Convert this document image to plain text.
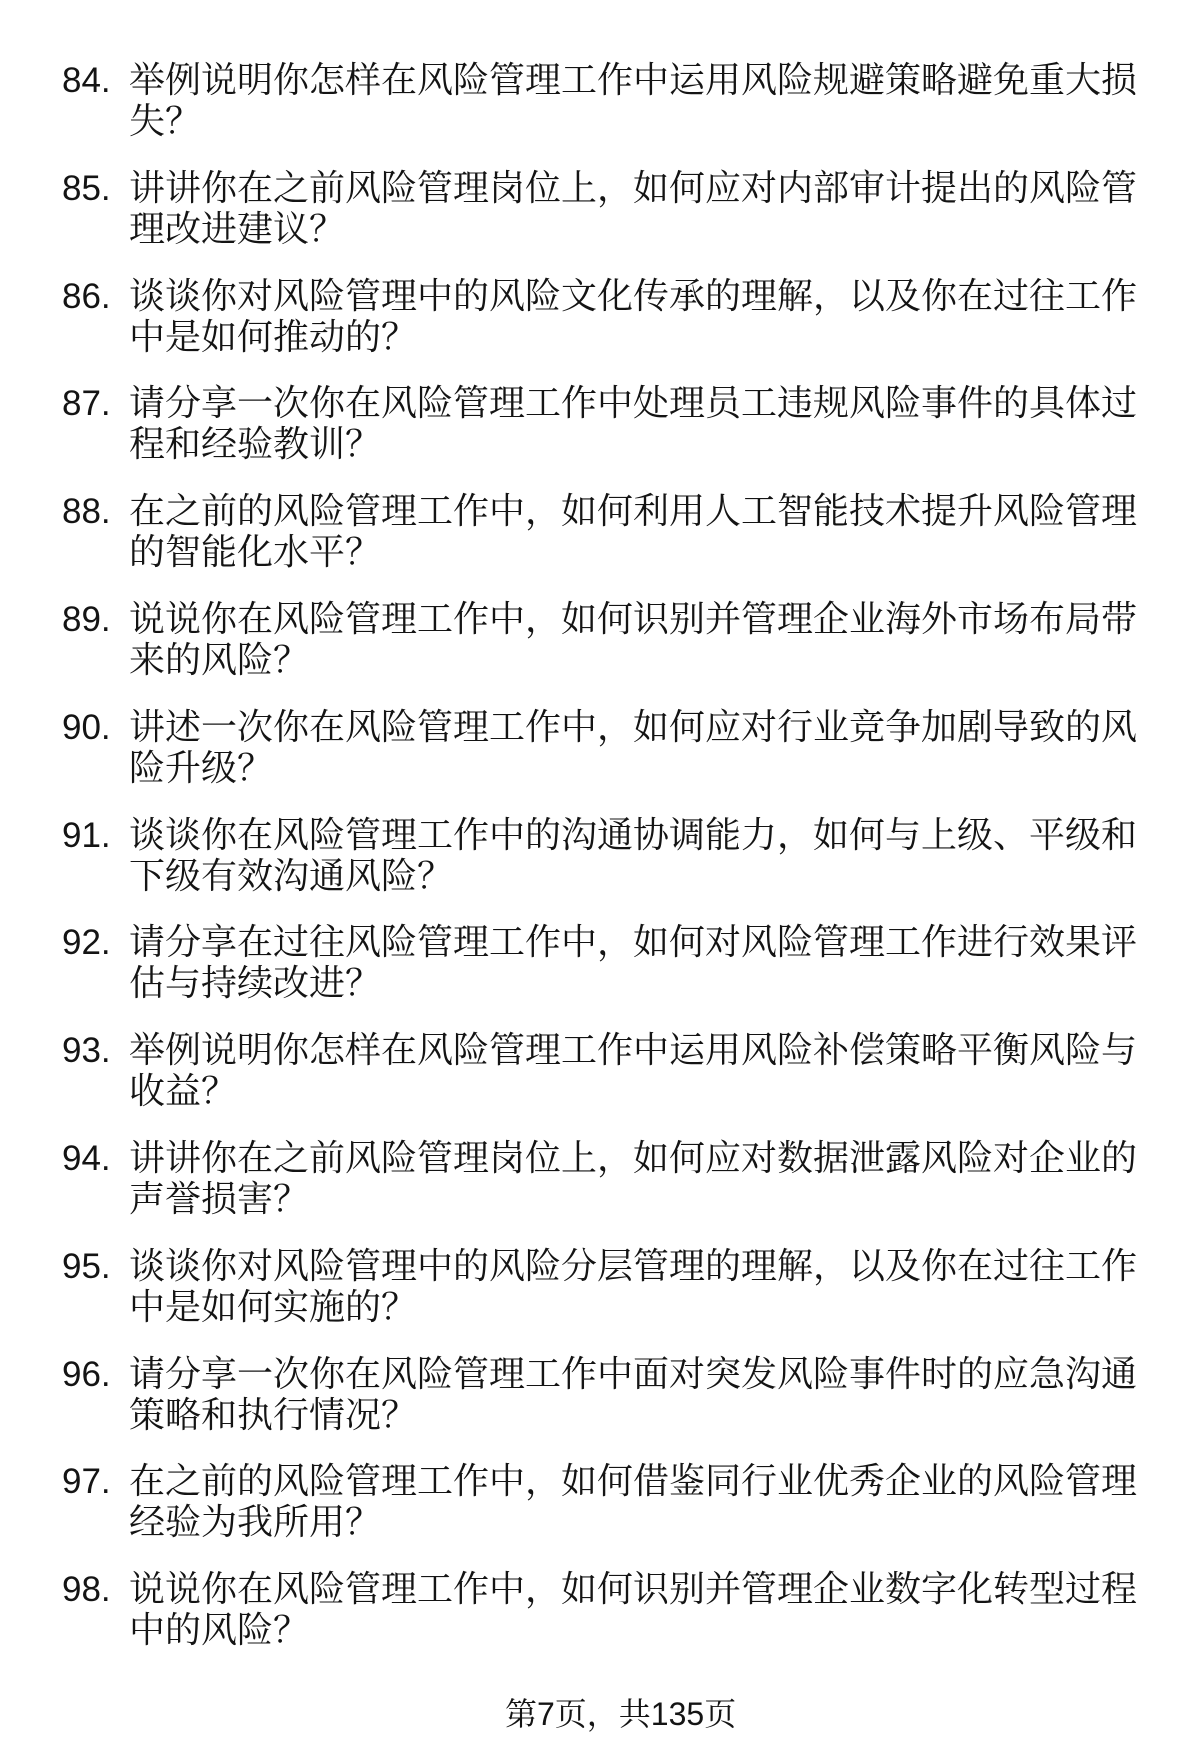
84. 举例说明你怎样在风险管理工作中运用风险规避策略避免重大损失？
85. 讲讲你在之前风险管理岗位上，如何应对内部审计提出的风险管理改进建议？
86. 谈谈你对风险管理中的风险文化传承的理解，以及你在过往工作中是如何推动的？
87. 请分享一次你在风险管理工作中处理员工违规风险事件的具体过程和经验教训？
88. 在之前的风险管理工作中，如何利用人工智能技术提升风险管理的智能化水平？
89. 说说你在风险管理工作中，如何识别并管理企业海外市场布局带来的风险？
90. 讲述一次你在风险管理工作中，如何应对行业竞争加剧导致的风险升级？
91. 谈谈你在风险管理工作中的沟通协调能力，如何与上级、平级和下级有效沟通风险？
92. 请分享在过往风险管理工作中，如何对风险管理工作进行效果评估与持续改进？
93. 举例说明你怎样在风险管理工作中运用风险补偿策略平衡风险与收益？
94. 讲讲你在之前风险管理岗位上，如何应对数据泄露风险对企业的声誉损害？
95. 谈谈你对风险管理中的风险分层管理的理解，以及你在过往工作中是如何实施的？
96. 请分享一次你在风险管理工作中面对突发风险事件时的应急沟通策略和执行情况？
97. 在之前的风险管理工作中，如何借鉴同行业优秀企业的风险管理经验为我所用？
98. 说说你在风险管理工作中，如何识别并管理企业数字化转型过程中的风险？
第7页，共135页
